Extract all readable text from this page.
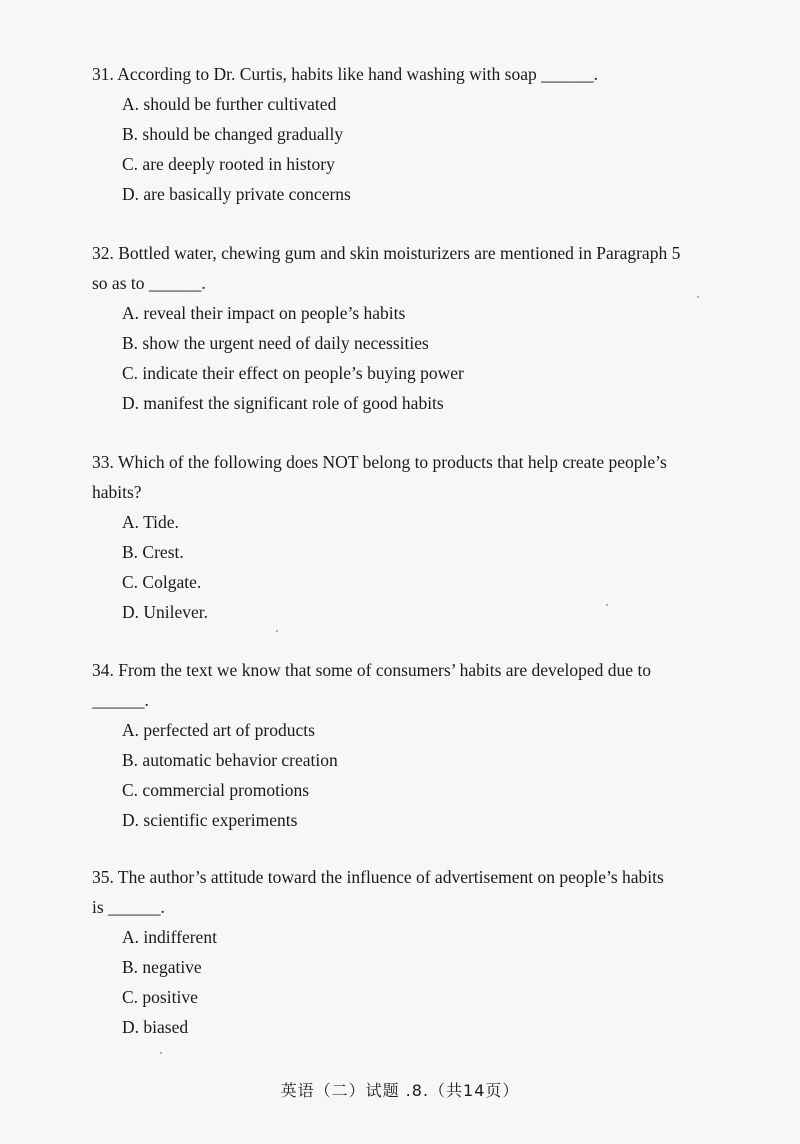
31. According to Dr. Curtis, habits like hand washing with soap ______.
A. should be further cultivated
B. should be changed gradually
C. are deeply rooted in history
D. are basically private concerns
32. Bottled water, chewing gum and skin moisturizers are mentioned in Paragraph 5
so as to ______.
A. reveal their impact on people’s habits
B. show the urgent need of daily necessities
C. indicate their effect on people’s buying power
D. manifest the significant role of good habits
33. Which of the following does NOT belong to products that help create people’s
habits?
A. Tide.
B. Crest.
C. Colgate.
D. Unilever.
34. From the text we know that some of consumers’ habits are developed due to
______.
A. perfected art of products
B. automatic behavior creation
C. commercial promotions
D. scientific experiments
35. The author’s attitude toward the influence of advertisement on people’s habits
is ______.
A. indifferent
B. negative
C. positive
D. biased
英语（二）试题 .8.（共14页）
